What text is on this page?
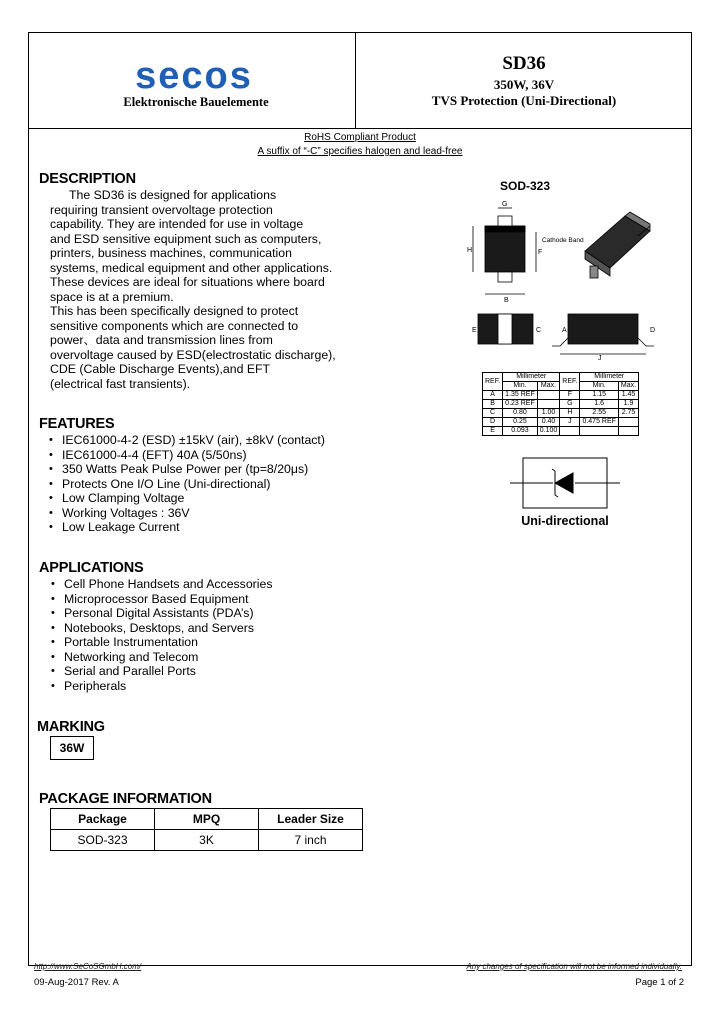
secos
Elektronische Bauelemente
SD36
350W, 36V
TVS Protection (Uni-Directional)
RoHS Compliant Product
A suffix of “-C” specifies halogen and lead-free
DESCRIPTION
The SD36 is designed for applications
requiring transient overvoltage protection
capability. They are intended for use in voltage
and ESD sensitive equipment such as computers,
printers, business machines, communication
systems, medical equipment and other applications.
These devices are ideal for situations where board
space is at a premium.
This has been specifically designed to protect
sensitive components which are connected to
power、data and transmission lines from
overvoltage caused by ESD(electrostatic discharge),
CDE (Cable Discharge Events),and EFT
(electrical fast transients).
FEATURES
• IEC61000-4-2 (ESD) ±15kV (air), ±8kV (contact)
• IEC61000-4-4 (EFT) 40A (5/50ns)
• 350 Watts Peak Pulse Power per (tp=8/20μs)
• Protects One I/O Line (Uni-directional)
• Low Clamping Voltage
• Working Voltages : 36V
• Low Leakage Current
APPLICATIONS
• Cell Phone Handsets and Accessories
• Microprocessor Based Equipment
• Personal Digital Assistants (PDA’s)
• Notebooks, Desktops, and Servers
• Portable Instrumentation
• Networking and Telecom
• Serial and Parallel Ports
• Peripherals
MARKING
36W
PACKAGE INFORMATION
Package	MPQ	Leader Size
SOD-323	3K	7 inch
SOD-323
G
H	F
B
Cathode Band
E	C	A	D
J
REF.	Millimeter		REF.	Millimeter	
	Min.	Max.		Min.	Max.
A	1.35 REF		F	1.15	1.45
B	0.23 REF		G	1.6	1.9
C	0.80	1.00	H	2.55	2.75
D	0.25	0.40	J	0.475 REF	
E	0.093	0.100			
Uni-directional
http://www.SeCoSGmbH.com/	Any changes of specification will not be informed individually.
09-Aug-2017 Rev. A	Page 1 of 2
